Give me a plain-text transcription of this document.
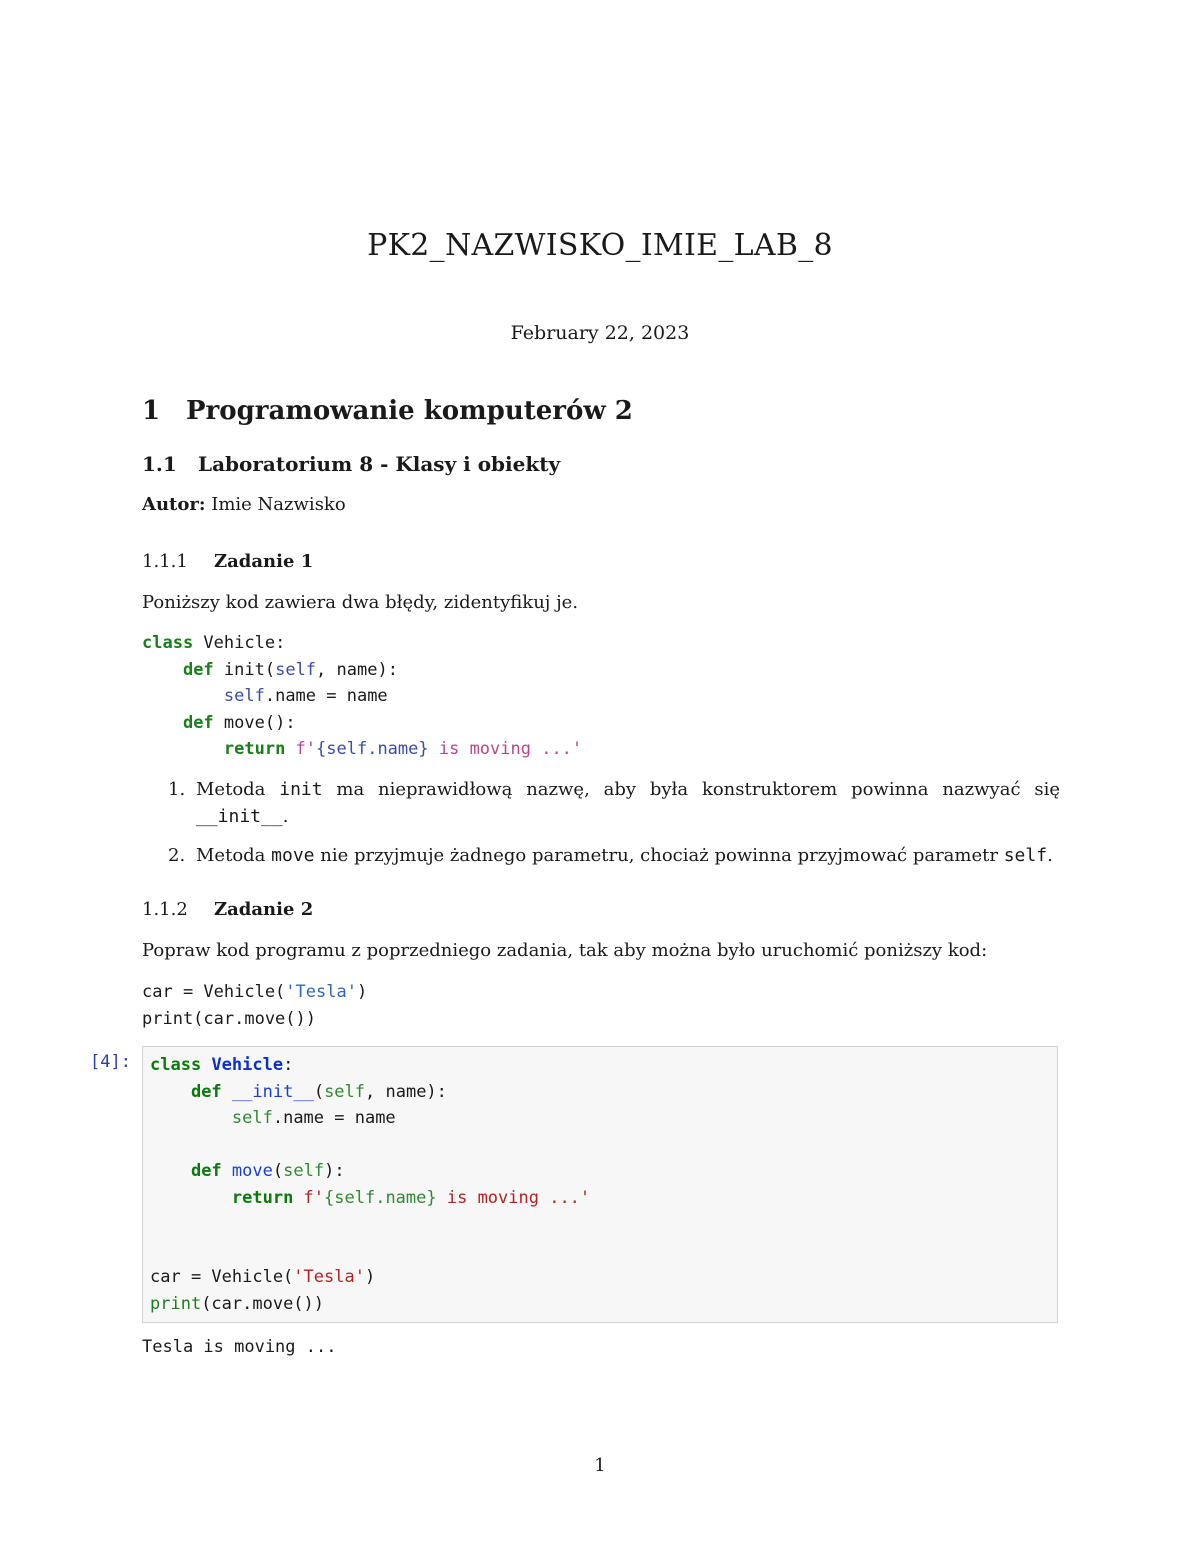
PK2_NAZWISKO_IMIE_LAB_8
February 22, 2023
1 Programowanie komputerów 2
1.1 Laboratorium 8 - Klasy i obiekty
Autor: Imie Nazwisko
1.1.1 Zadanie 1
Poniższy kod zawiera dwa błędy, zidentyfikuj je.
class Vehicle:
def init(self, name):
self.name = name
def move():
return f'{self.name} is moving ...'
1. Metoda init ma nieprawidłową nazwę, aby była konstruktorem powinna nazwyać się __init__.
2. Metoda move nie przyjmuje żadnego parametru, chociaż powinna przyjmować parametr self.
1.1.2 Zadanie 2
Popraw kod programu z poprzedniego zadania, tak aby można było uruchomić poniższy kod:
car = Vehicle('Tesla')
print(car.move())
[4]: class Vehicle:
def __init__(self, name):
self.name = name

def move(self):
return f'{self.name} is moving ...'

car = Vehicle('Tesla')
print(car.move())
Tesla is moving ...
1
